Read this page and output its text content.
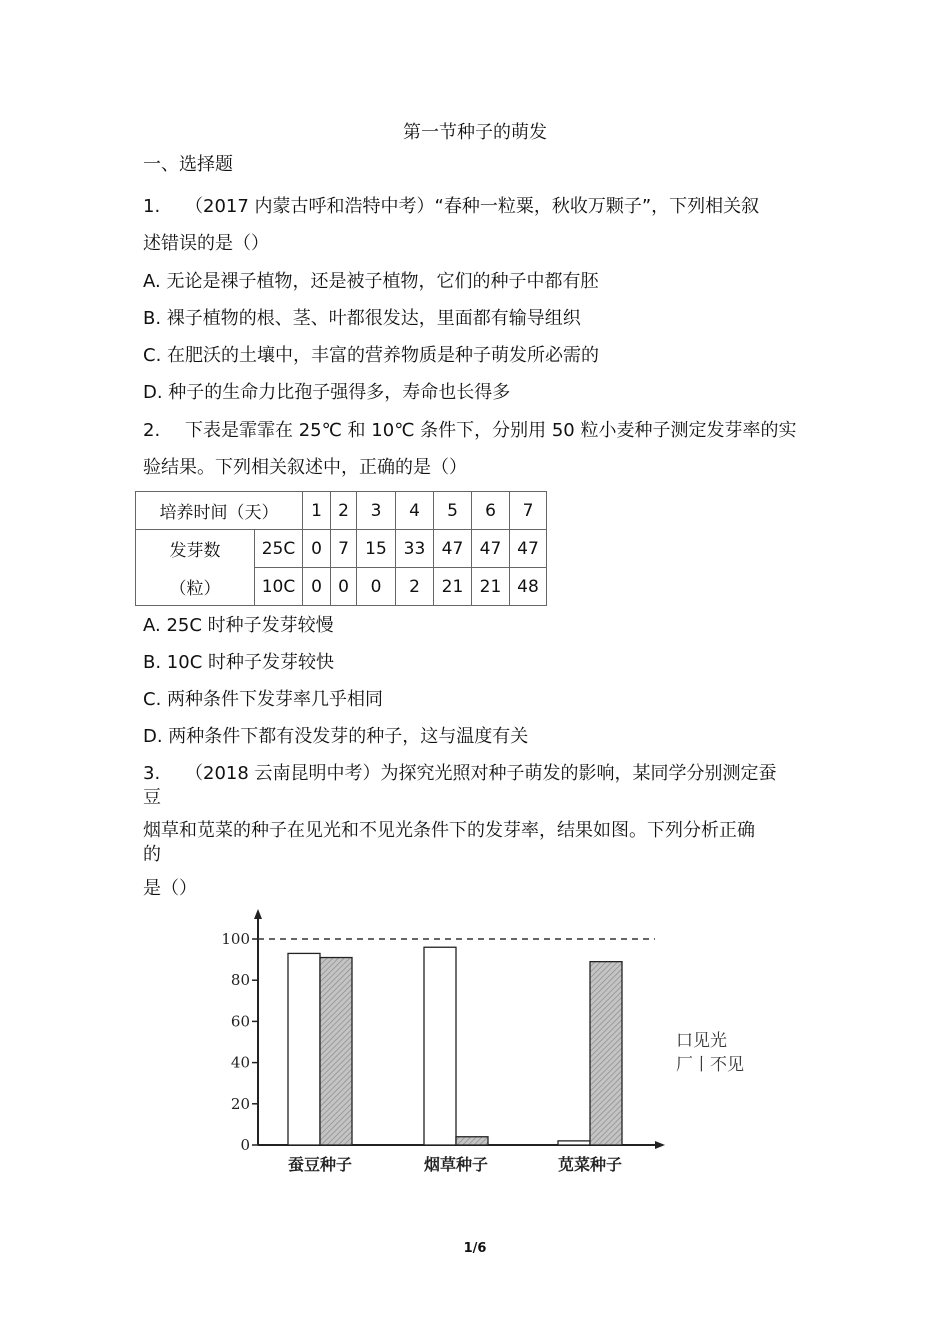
第一节种子的萌发
一、选择题
1. （2017 内蒙古呼和浩特中考）“春种一粒粟，秋收万颗子”，下列相关叙
述错误的是（）
A. 无论是裸子植物，还是被子植物，它们的种子中都有胚
B. 裸子植物的根、茎、叶都很发达，里面都有输导组织
C. 在肥沃的土壤中，丰富的营养物质是种子萌发所必需的
D. 种子的生命力比孢子强得多，寿命也长得多
2. 下表是霏霏在 25℃ 和 10℃ 条件下，分别用 50 粒小麦种子测定发芽率的实
验结果。下列相关叙述中，正确的是（）
培养时间（天）		1	2	3	4	5	6	7
发芽数	25C	0	7	15	33	47	47	47
（粒）	10C	0	0	0	2	21	21	48
A. 25C 时种子发芽较慢
B. 10C 时种子发芽较快
C. 两种条件下发芽率几乎相同
D. 两种条件下都有没发芽的种子，这与温度有关
3. （2018 云南昆明中考）为探究光照对种子萌发的影响，某同学分别测定蚕
豆
烟草和苋菜的种子在见光和不见光条件下的发芽率，结果如图。下列分析正确
的
是（）
0
20
40
60
80
100
蚕豆种子	烟草种子	苋菜种子
口见光
厂丨不见
1/6
